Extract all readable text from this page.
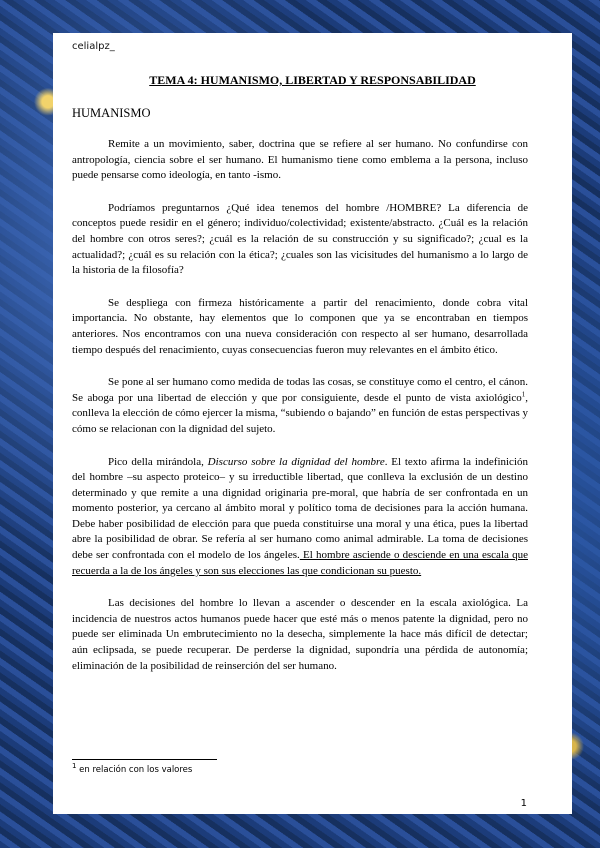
celialpz_
TEMA 4: HUMANISMO, LIBERTAD Y RESPONSABILIDAD
HUMANISMO

Remite a un movimiento, saber, doctrina que se refiere al ser humano. No confundirse con antropología, ciencia sobre el ser humano. El humanismo tiene como emblema a la persona, incluso puede pensarse como ideología, en tanto -ismo.

Podríamos preguntarnos ¿Qué idea tenemos del hombre /HOMBRE? La diferencia de conceptos puede residir en el género; individuo/colectividad; existente/abstracto. ¿Cuál es la relación del hombre con otros seres?; ¿cuál es la relación de su construcción y su significado?; ¿cual es la actualidad?; ¿cuál es su relación con la ética?; ¿cuales son las vicisitudes del humanismo a lo largo de la historia de la filosofía?

Se despliega con firmeza históricamente a partir del renacimiento, donde cobra vital importancia. No obstante, hay elementos que lo componen que ya se encontraban en tiempos anteriores. Nos encontramos con una nueva consideración con respecto al ser humano, desarrollada tiempo después del renacimiento, cuyas consecuencias fueron muy relevantes en el ámbito ético.

Se pone al ser humano como medida de todas las cosas, se constituye como el centro, el cánon. Se aboga por una libertad de elección y que por consiguiente, desde el punto de vista axiológico$^1$, conlleva la elección de cómo ejercer la misma, “subiendo o bajando” en función de estas perspectivas y cómo se relacionan con la dignidad del sujeto.

Pico della mirándola, Discurso sobre la dignidad del hombre. El texto afirma la indefinición del hombre –su aspecto proteico– y su irreductible libertad, que conlleva la exclusión de un destino determinado y que remite a una dignidad originaria pre-moral, que habría de ser confrontada en un momento posterior, ya cercano al ámbito moral y político toma de decisiones para la acción humana. Debe haber posibilidad de elección para que pueda constituirse una moral y una ética, pues la libertad abre la posibilidad de obrar. Se refería al ser humano como animal admirable. La toma de decisiones debe ser confrontada con el modelo de los ángeles. El hombre asciende o desciende en una escala que recuerda a la de los ángeles y son sus elecciones las que condicionan su puesto.

Las decisiones del hombre lo llevan a ascender o descender en la escala axiológica. La incidencia de nuestros actos humanos puede hacer que esté más o menos patente la dignidad, pero no puede ser eliminada Un embrutecimiento no la desecha, simplemente la hace más difícil de detectar; aún eclipsada, se puede recuperar. De perderse la dignidad, supondría una pérdida de autonomía; eliminación de la posibilidad de reinserción del ser humano.

$^1$ en relación con los valores
1
